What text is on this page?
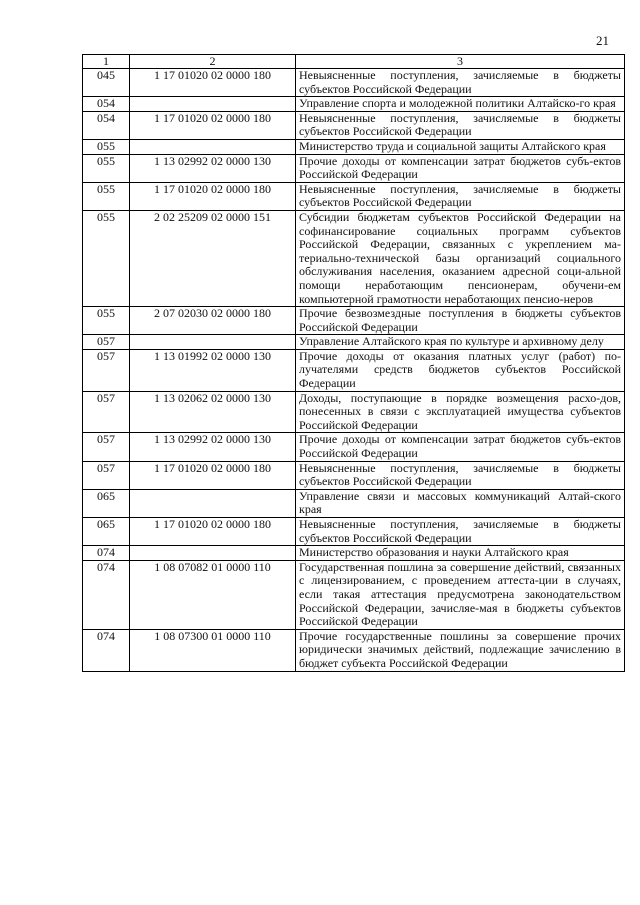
21
1	2	3
045	1 17 01020 02 0000 180	Невыясненные поступления, зачисляемые в бюджеты субъектов Российской Федерации
054		Управление спорта и молодежной политики Алтайско-го края
054	1 17 01020 02 0000 180	Невыясненные поступления, зачисляемые в бюджеты субъектов Российской Федерации
055		Министерство труда и социальной защиты Алтайского края
055	1 13 02992 02 0000 130	Прочие доходы от компенсации затрат бюджетов субъ-ектов Российской Федерации
055	1 17 01020 02 0000 180	Невыясненные поступления, зачисляемые в бюджеты субъектов Российской Федерации
055	2 02 25209 02 0000 151	Субсидии бюджетам субъектов Российской Федерации на софинансирование социальных программ субъектов Российской Федерации, связанных с укреплением ма-териально-технической базы организаций социального обслуживания населения, оказанием адресной соци-альной помощи неработающим пенсионерам, обучени-ем компьютерной грамотности неработающих пенсио-неров
055	2 07 02030 02 0000 180	Прочие безвозмездные поступления в бюджеты субъектов Российской Федерации
057		Управление Алтайского края по культуре и архивному делу
057	1 13 01992 02 0000 130	Прочие доходы от оказания платных услуг (работ) по-лучателями средств бюджетов субъектов Российской Федерации
057	1 13 02062 02 0000 130	Доходы, поступающие в порядке возмещения расхо-дов, понесенных в связи с эксплуатацией имущества субъектов Российской Федерации
057	1 13 02992 02 0000 130	Прочие доходы от компенсации затрат бюджетов субъ-ектов Российской Федерации
057	1 17 01020 02 0000 180	Невыясненные поступления, зачисляемые в бюджеты субъектов Российской Федерации
065		Управление связи и массовых коммуникаций Алтай-ского края
065	1 17 01020 02 0000 180	Невыясненные поступления, зачисляемые в бюджеты субъектов Российской Федерации
074		Министерство образования и науки Алтайского края
074	1 08 07082 01 0000 110	Государственная пошлина за совершение действий, связанных с лицензированием, с проведением аттеста-ции в случаях, если такая аттестация предусмотрена законодательством Российской Федерации, зачисляе-мая в бюджеты субъектов Российской Федерации
074	1 08 07300 01 0000 110	Прочие государственные пошлины за совершение прочих юридически значимых действий, подлежащие зачислению в бюджет субъекта Российской Федерации
